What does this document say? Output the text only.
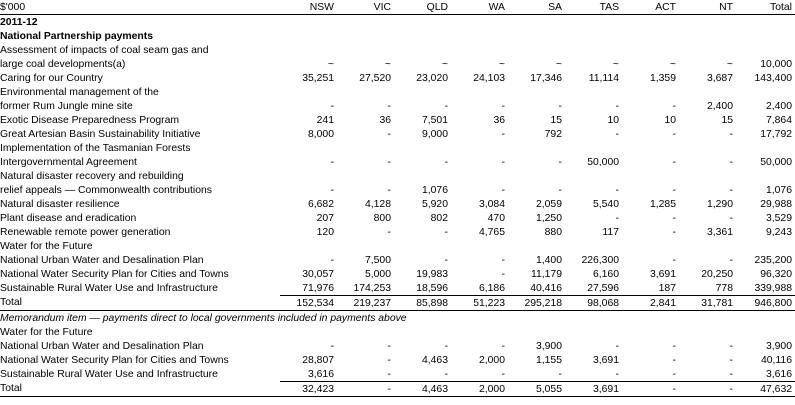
$'000	NSW	VIC	QLD	WA	SA	TAS	ACT	NT	Total
2011-12									
National Partnership payments									
Assessment of impacts of coal seam gas and									
large coal developments(a)	~	~	~	~	~	~	~	~	10,000
Caring for our Country	35,251	27,520	23,020	24,103	17,346	11,114	1,359	3,687	143,400
Environmental management of the									
former Rum Jungle mine site	-	-	-	-	-	-	-	2,400	2,400
Exotic Disease Preparedness Program	241	36	7,501	36	15	10	10	15	7,864
Great Artesian Basin Sustainability Initiative	8,000	-	9,000	-	792	-	-	-	17,792
Implementation of the Tasmanian Forests									
Intergovernmental Agreement	-	-	-	-	-	50,000	-	-	50,000
Natural disaster recovery and rebuilding									
relief appeals — Commonwealth contributions	-	-	1,076	-	-	-	-	-	1,076
Natural disaster resilience	6,682	4,128	5,920	3,084	2,059	5,540	1,285	1,290	29,988
Plant disease and eradication	207	800	802	470	1,250	-	-	-	3,529
Renewable remote power generation	120	-	-	4,765	880	117	-	3,361	9,243
Water for the Future									
National Urban Water and Desalination Plan	-	7,500	-	-	1,400	226,300	-	-	235,200
National Water Security Plan for Cities and Towns	30,057	5,000	19,983	-	11,179	6,160	3,691	20,250	96,320
Sustainable Rural Water Use and Infrastructure	71,976	174,253	18,596	6,186	40,416	27,596	187	778	339,988
Total	152,534	219,237	85,898	51,223	295,218	98,068	2,841	31,781	946,800
Memorandum item — payments direct to local governments included in payments above									
Water for the Future									
National Urban Water and Desalination Plan	-	-	-	-	3,900	-	-	-	3,900
National Water Security Plan for Cities and Towns	28,807	-	4,463	2,000	1,155	3,691	-	-	40,116
Sustainable Rural Water Use and Infrastructure	3,616	-	-	-	-	-	-	-	3,616
Total	32,423	-	4,463	2,000	5,055	3,691	-	-	47,632
